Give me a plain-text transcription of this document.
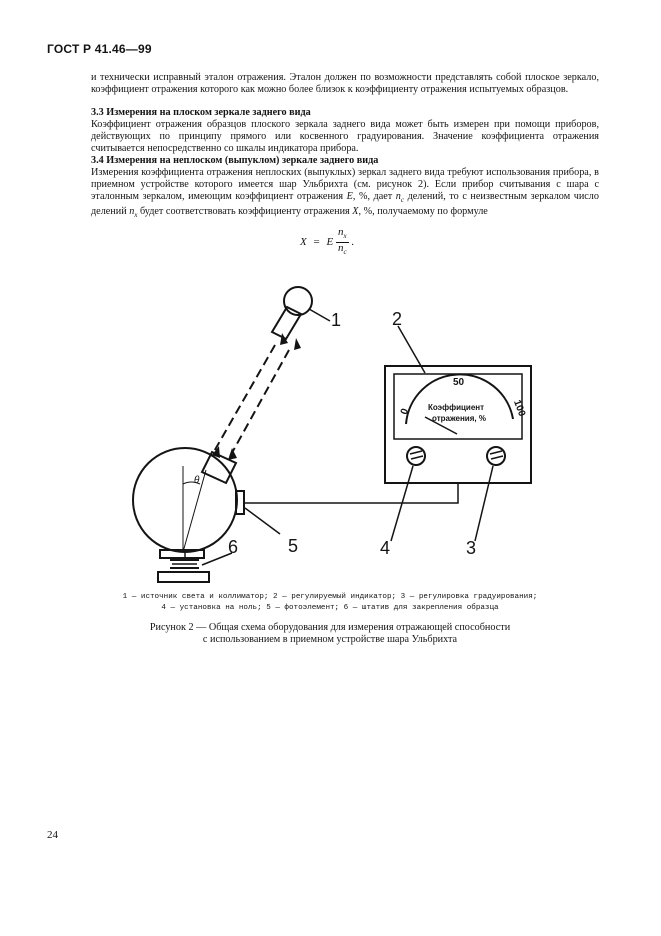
ГОСТ Р 41.46—99

и технически исправный эталон отражения. Эталон должен по возможности представлять собой плоское зеркало, коэффициент отражения которого как можно более близок к коэффициенту отражения испытуемых образцов.

3.3 Измерения на плоском зеркале заднего вида

Коэффициент отражения образцов плоского зеркала заднего вида может быть измерен при помощи приборов, действующих по принципу прямого или косвенного градуирования. Значение коэффициента отражения считывается непосредственно со шкалы индикатора прибора.

3.4 Измерения на неплоском (выпуклом) зеркале заднего вида

Измерения коэффициента отражения неплоских (выпуклых) зеркал заднего вида требуют использования прибора, в приемном устройстве которого имеется шар Ульбрихта (см. рисунок 2). Если прибор считывания с шара с эталонным зеркалом, имеющим коэффициент отражения E, %, дает $n_c$ делений, то с неизвестным зеркалом число делений $n_x$ будет соответствовать коэффициенту отражения X, %, получаемому по формуле

X = E $\frac{n_x}{n_c}$ .
1	2
3
4
5
6
Коэффициент
отражения, %
0
50
100
θ
1 — источник света и коллиматор; 2 — регулируемый индикатор; 3 — регулировка градуирования;
4 — установка на ноль; 5 — фотоэлемент; 6 — штатив для закрепления образца
Рисунок 2 — Общая схема оборудования для измерения отражающей способности
с использованием в приемном устройстве шара Ульбрихта
24
